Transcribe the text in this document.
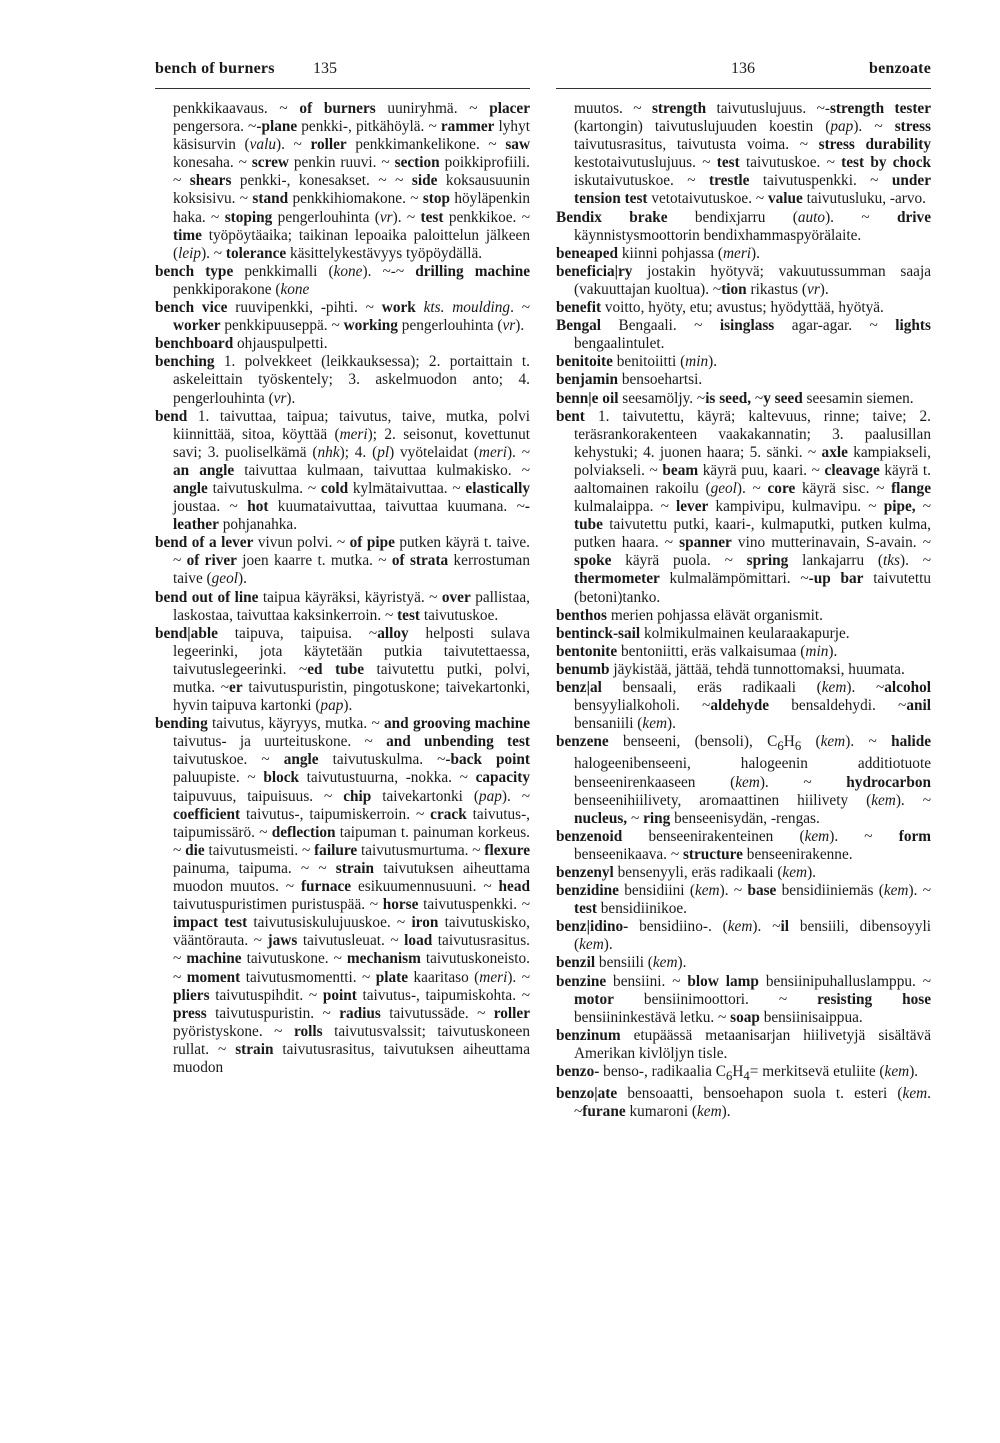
bench of burners 135	136	benzoate

penkkikaavaus. ~ of burners uuniryhmä. ~ placer pengersora. ~-plane penkki-, pitkähöylä. ~ rammer lyhyt käsisurvin (valu). ~ roller penkkimankelikone. ~ saw konesaha. ~ screw penkin ruuvi. ~ section poikkiprofiili. ~ shears penkki-, konesakset. ~ ~ side koksausuunin koksisivu. ~ stand penkkihiomakone. ~ stop höyläpenkin haka. ~ stoping pengerlouhinta (vr). ~ test penkkikoe. ~ time työpöytäaika; taikinan lepoaika paloittelun jälkeen (leip). ~ tolerance käsittelykestävyys työpöydällä.

bench type penkkimalli (kone). ~-~ drilling machine penkkiporakone (kone

bench vice ruuvipenkki, -pihti. ~ work kts. moulding. ~ worker penkkipuuseppä. ~ working pengerlouhinta (vr).

benchboard ohjauspulpetti.

benching 1. polvekkeet (leikkauksessa); 2. portaittain t. askeleittain työskentely; 3. askelmuodon anto; 4. pengerlouhinta (vr).

bend 1. taivuttaa, taipua; taivutus, taive, mutka, polvi kiinnittää, sitoa, köyttää (meri); 2. seisonut, kovettunut savi; 3. puoliselkämä (nhk); 4. (pl) vyötelaidat (meri). ~ an angle taivuttaa kulmaan, taivuttaa kulmakisko. ~ angle taivutuskulma. ~ cold kylmätaivuttaa. ~ elastically joustaa. ~ hot kuumataivuttaa, taivuttaa kuumana. ~-leather pohjanahka.

bend of a lever vivun polvi. ~ of pipe putken käyrä t. taive. ~ of river joen kaarre t. mutka. ~ of strata kerrostuman taive (geol).

bend out of line taipua käyräksi, käyristyä. ~ over pallistaa, laskostaa, taivuttaa kaksinkerroin. ~ test taivutuskoe.

bend|able taipuva, taipuisa. ~alloy helposti sulava legeerinki, jota käytetään putkia taivutettaessa, taivutuslegeerinki. ~ed tube taivutettu putki, polvi, mutka. ~er taivutuspuristin, pingotuskone; taivekartonki, hyvin taipuva kartonki (pap).

bending taivutus, käyryys, mutka. ~ and grooving machine taivutus- ja uurteituskone. ~ and unbending test taivutuskoe. ~ angle taivutuskulma. ~-back point paluupiste. ~ block taivutustuurna, -nokka. ~ capacity taipuvuus, taipuisuus. ~ chip taivekartonki (pap). ~ coefficient taivutus-, taipumiskerroin. ~ crack taivutus-, taipumissärö. ~ deflection taipuman t. painuman korkeus. ~ die taivutusmeisti. ~ failure taivutusmurtuma. ~ flexure painuma, taipuma. ~ ~ strain taivutuksen aiheuttama muodon muutos. ~ furnace esikuumennusuuni. ~ head taivutuspuristimen puristuspää. ~ horse taivutuspenkki. ~ impact test taivutusiskulujuuskoe. ~ iron taivutuskisko, vääntörauta. ~ jaws taivutusleuat. ~ load taivutusrasitus. ~ machine taivutuskone. ~ mechanism taivutuskoneisto. ~ moment taivutusmomentti. ~ plate kaaritaso (meri). ~ pliers taivutuspihdit. ~ point taivutus-, taipumiskohta. ~ press taivutuspuristin. ~ radius taivutussäde. ~ roller pyöristyskone. ~ rolls taivutusvalssit; taivutuskoneen rullat. ~ strain taivutusrasitus, taivutuksen aiheuttama muodon

muutos. ~ strength taivutuslujuus. ~-strength tester (kartongin) taivutuslujuuden koestin (pap). ~ stress taivutusrasitus, taivutusta voima. ~ stress durability kestotaivutuslujuus. ~ test taivutuskoe. ~ test by chock iskutaivutuskoe. ~ trestle taivutuspenkki. ~ under tension test vetotaivutuskoe. ~ value taivutusluku, -arvo.

Bendix brake bendixjarru (auto). ~ drive käynnistysmoottorin bendixhammaspyörälaite.

beneaped kiinni pohjassa (meri).

beneficia|ry jostakin hyötyvä; vakuutussumman saaja (vakuuttajan kuoltua). ~tion rikastus (vr).

benefit voitto, hyöty, etu; avustus; hyödyttää, hyötyä.

Bengal Bengaali. ~ isinglass agar-agar. ~ lights bengaalintulet.

benitoite benitoiitti (min).

benjamin bensoehartsi.

benn|e oil seesamöljy. ~is seed, ~y seed seesamin siemen.

bent 1. taivutettu, käyrä; kaltevuus, rinne; taive; 2. teräsrankorakenteen vaakakannatin; 3. paalusillan kehystuki; 4. juonen haara; 5. sänki. ~ axle kampiakseli, polviakseli. ~ beam käyrä puu, kaari. ~ cleavage käyrä t. aaltomainen rakoilu (geol). ~ core käyrä sisc. ~ flange kulmalaippa. ~ lever kampivipu, kulmavipu. ~ pipe, ~ tube taivutettu putki, kaari-, kulmaputki, putken kulma, putken haara. ~ spanner vino mutterinavain, S-avain. ~ spoke käyrä puola. ~ spring lankajarru (tks). ~ thermometer kulmalämpömittari. ~-up bar taivutettu (betoni)tanko.

benthos merien pohjassa elävät organismit.

bentinck-sail kolmikulmainen keularaakapurje.

bentonite bentoniitti, eräs valkaisumaa (min).

benumb jäykistää, jättää, tehdä tunnottomaksi, huumata.

benz|al bensaali, eräs radikaali (kem). ~alcohol bensyylialkoholi. ~aldehyde bensaldehydi. ~anil bensaniili (kem).

benzene benseeni, (bensoli), $C_6H_6$ (kem). ~ halide halogeenibenseeni, halogeenin additiotuote benseenirenkaaseen (kem). ~ hydrocarbon benseenihiilivety, aromaattinen hiilivety (kem). ~ nucleus, ~ ring benseenisydän, -rengas.

benzenoid benseenirakenteinen (kem). ~ form benseenikaava. ~ structure benseenirakenne.

benzenyl bensenyyli, eräs radikaali (kem).

benzidine bensidiini (kem). ~ base bensidiiniemäs (kem). ~ test bensidiinikoe.

benz|idino- bensidiino-. (kem). ~il bensiili, dibensoyyli (kem).

benzil bensiili (kem).

benzine bensiini. ~ blow lamp bensiinipuhalluslamppu. ~ motor bensiinimoottori. ~ resisting hose bensiininkestävä letku. ~ soap bensiinisaippua.

benzinum etupäässä metaanisarjan hiilivetyjä sisältävä Amerikan kivlöljyn tisle.

benzo- benso-, radikaalia $C_6H_4=$ merkitsevä etuliite (kem).

benzo|ate bensoaatti, bensoehapon suola t. esteri (kem. ~furane kumaroni (kem).
